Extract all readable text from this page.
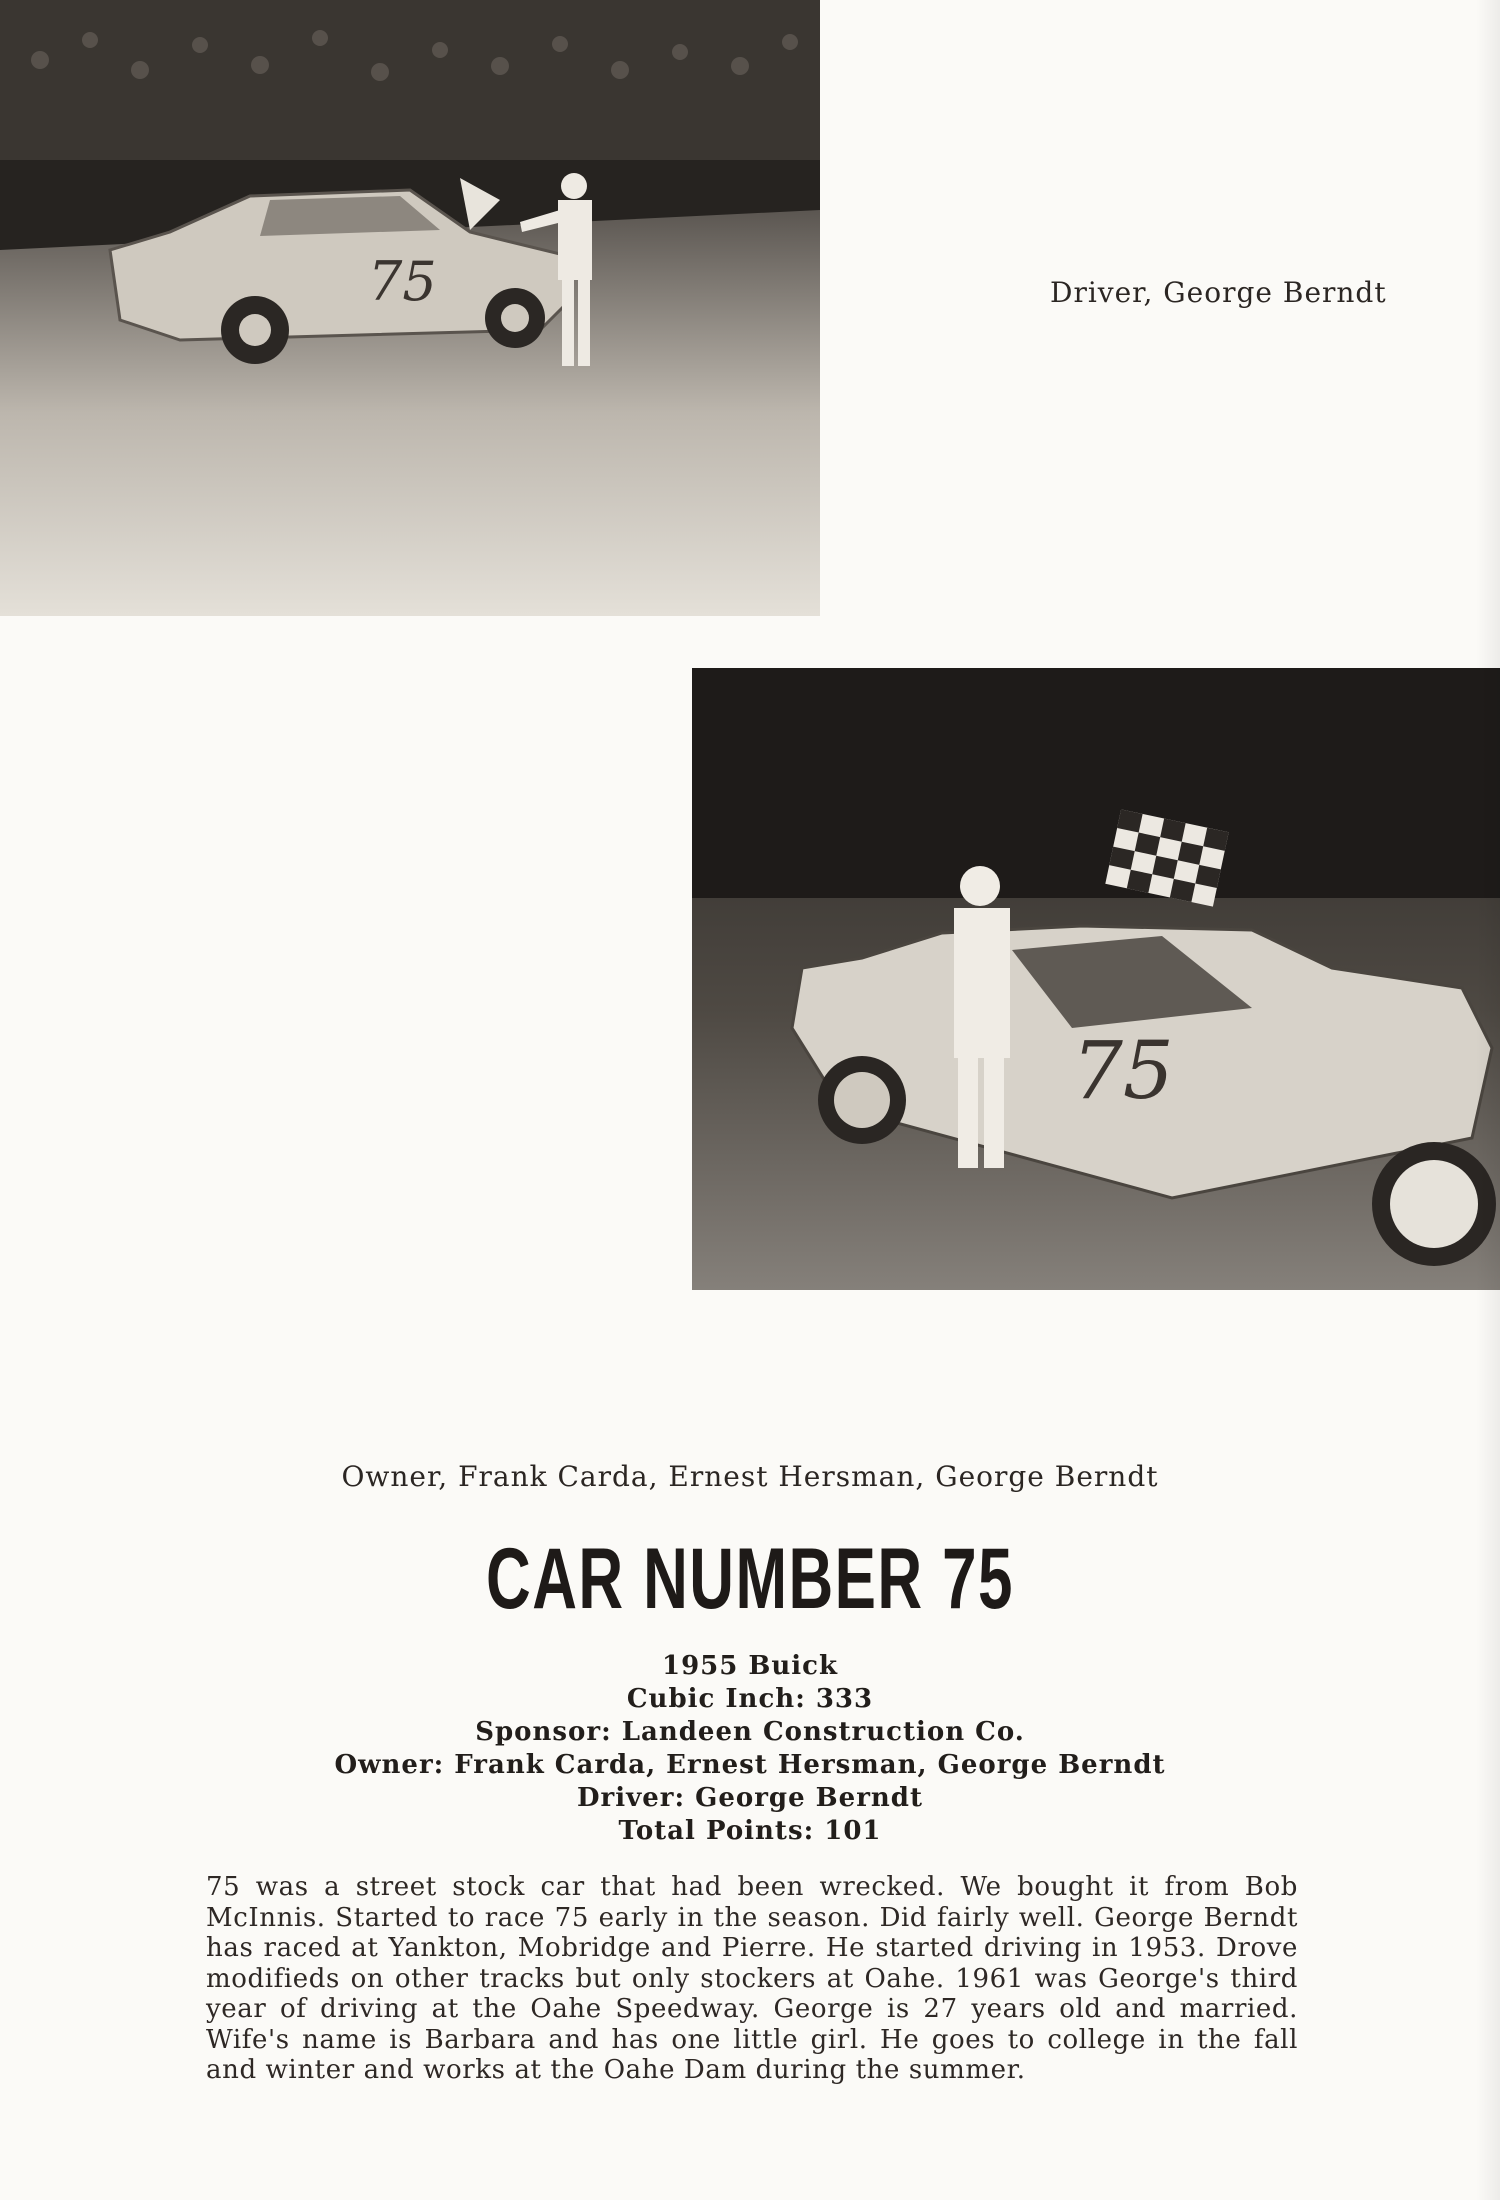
75	Driver, George Berndt
75
Owner, Frank Carda, Ernest Hersman, George Berndt
CAR NUMBER 75
1955 Buick
Cubic Inch: 333
Sponsor: Landeen Construction Co.
Owner: Frank Carda, Ernest Hersman, George Berndt
Driver: George Berndt
Total Points: 101
75 was a street stock car that had been wrecked. We bought it from Bob McInnis. Started to race 75 early in the season. Did fairly well. George Berndt has raced at Yankton, Mobridge and Pierre. He started driving in 1953. Drove modifieds on other tracks but only stockers at Oahe. 1961 was George's third year of driving at the Oahe Speedway. George is 27 years old and married. Wife's name is Barbara and has one little girl. He goes to college in the fall and winter and works at the Oahe Dam during the summer.
